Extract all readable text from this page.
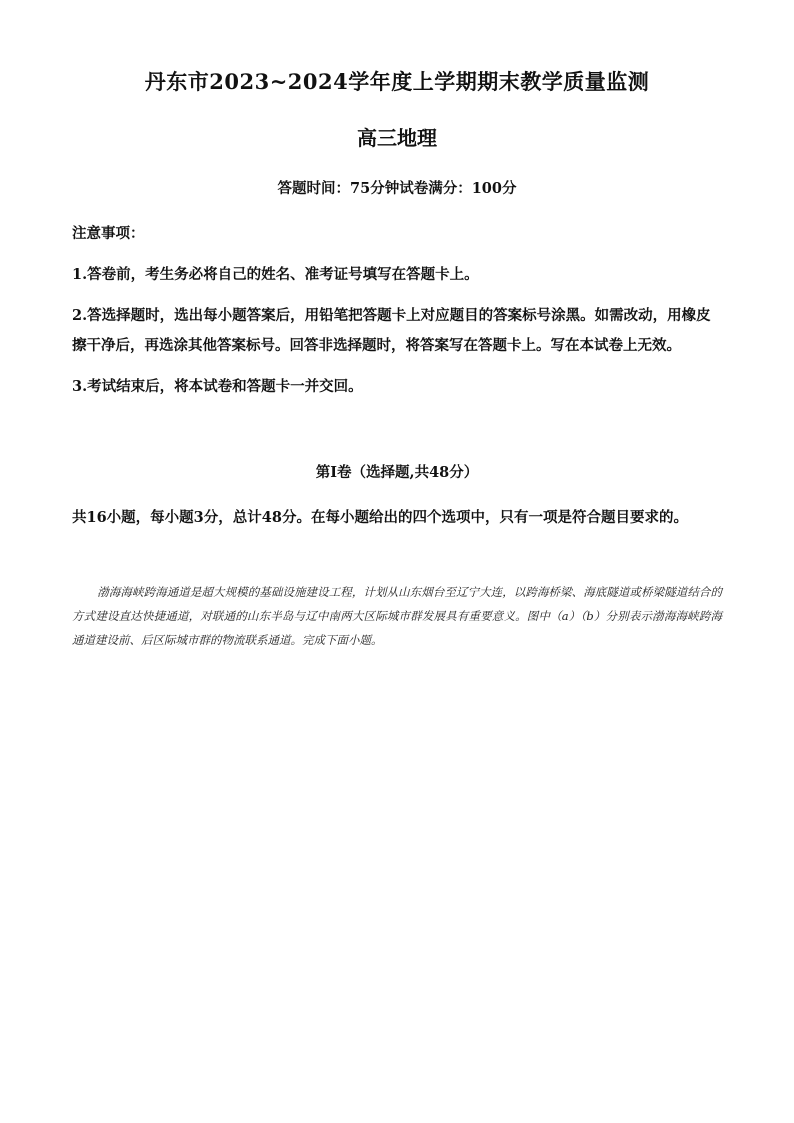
丹东市2023~2024学年度上学期期末教学质量监测
高三地理
答题时间：75分钟试卷满分：100分
注意事项：

1.答卷前，考生务必将自己的姓名、准考证号填写在答题卡上。

2.答选择题时，选出每小题答案后，用铅笔把答题卡上对应题目的答案标号涂黑。如需改动，用橡皮擦干净后，再选涂其他答案标号。回答非选择题时，将答案写在答题卡上。写在本试卷上无效。

3.考试结束后，将本试卷和答题卡一并交回。

第Ⅰ卷（选择题,共48分）
共16小题，每小题3分，总计48分。在每小题给出的四个选项中，只有一项是符合题目要求的。
渤海海峡跨海通道是超大规模的基础设施建设工程，计划从山东烟台至辽宁大连，以跨海桥梁、海底隧道或桥梁隧道结合的方式建设直达快捷通道，对联通的山东半岛与辽中南两大区际城市群发展具有重要意义。图中（a）（b）分别表示渤海海峡跨海通道建设前、后区际城市群的物流联系通道。完成下面小题。
